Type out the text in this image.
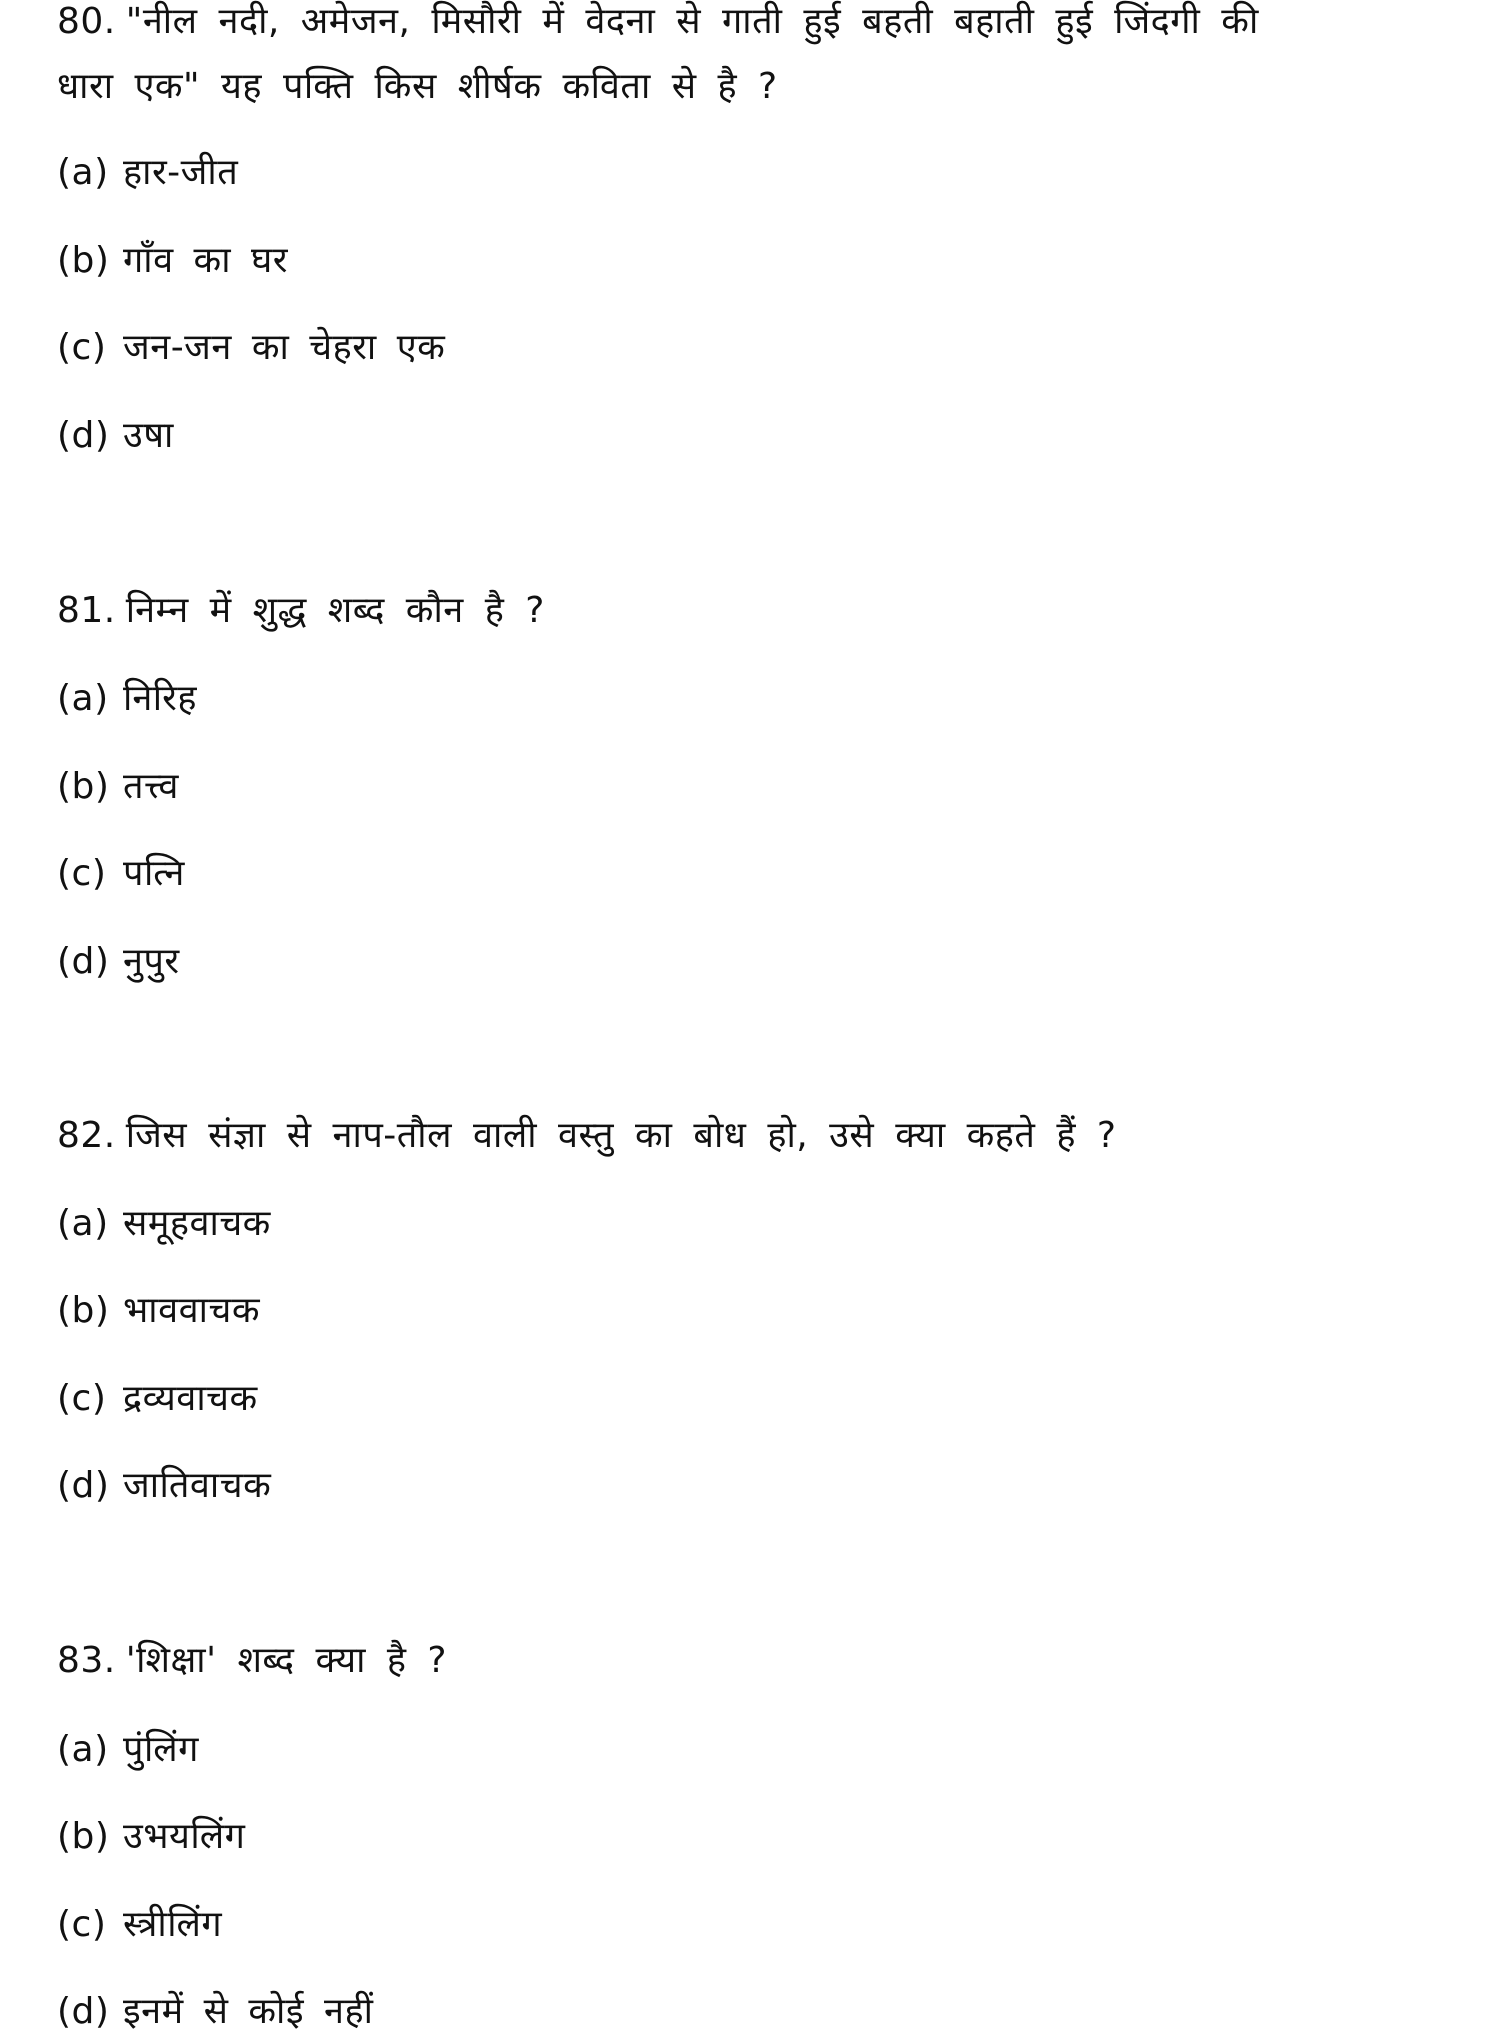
80. "नील नदी, अमेजन, मिसौरी में वेदना से गाती हुई बहती बहाती हुई जिंदगी की
धारा एक" यह पक्ति किस शीर्षक कविता से है ?
(a) हार-जीत
(b) गाँव का घर
(c) जन-जन का चेहरा एक
(d) उषा
81. निम्न में शुद्ध शब्द कौन है ?
(a) निरिह
(b) तत्त्व
(c) पत्नि
(d) नुपुर
82. जिस संज्ञा से नाप-तौल वाली वस्तु का बोध हो, उसे क्या कहते हैं ?
(a) समूहवाचक
(b) भाववाचक
(c) द्रव्यवाचक
(d) जातिवाचक
83. 'शिक्षा' शब्द क्या है ?
(a) पुंलिंग
(b) उभयलिंग
(c) स्त्रीलिंग
(d) इनमें से कोई नहीं
